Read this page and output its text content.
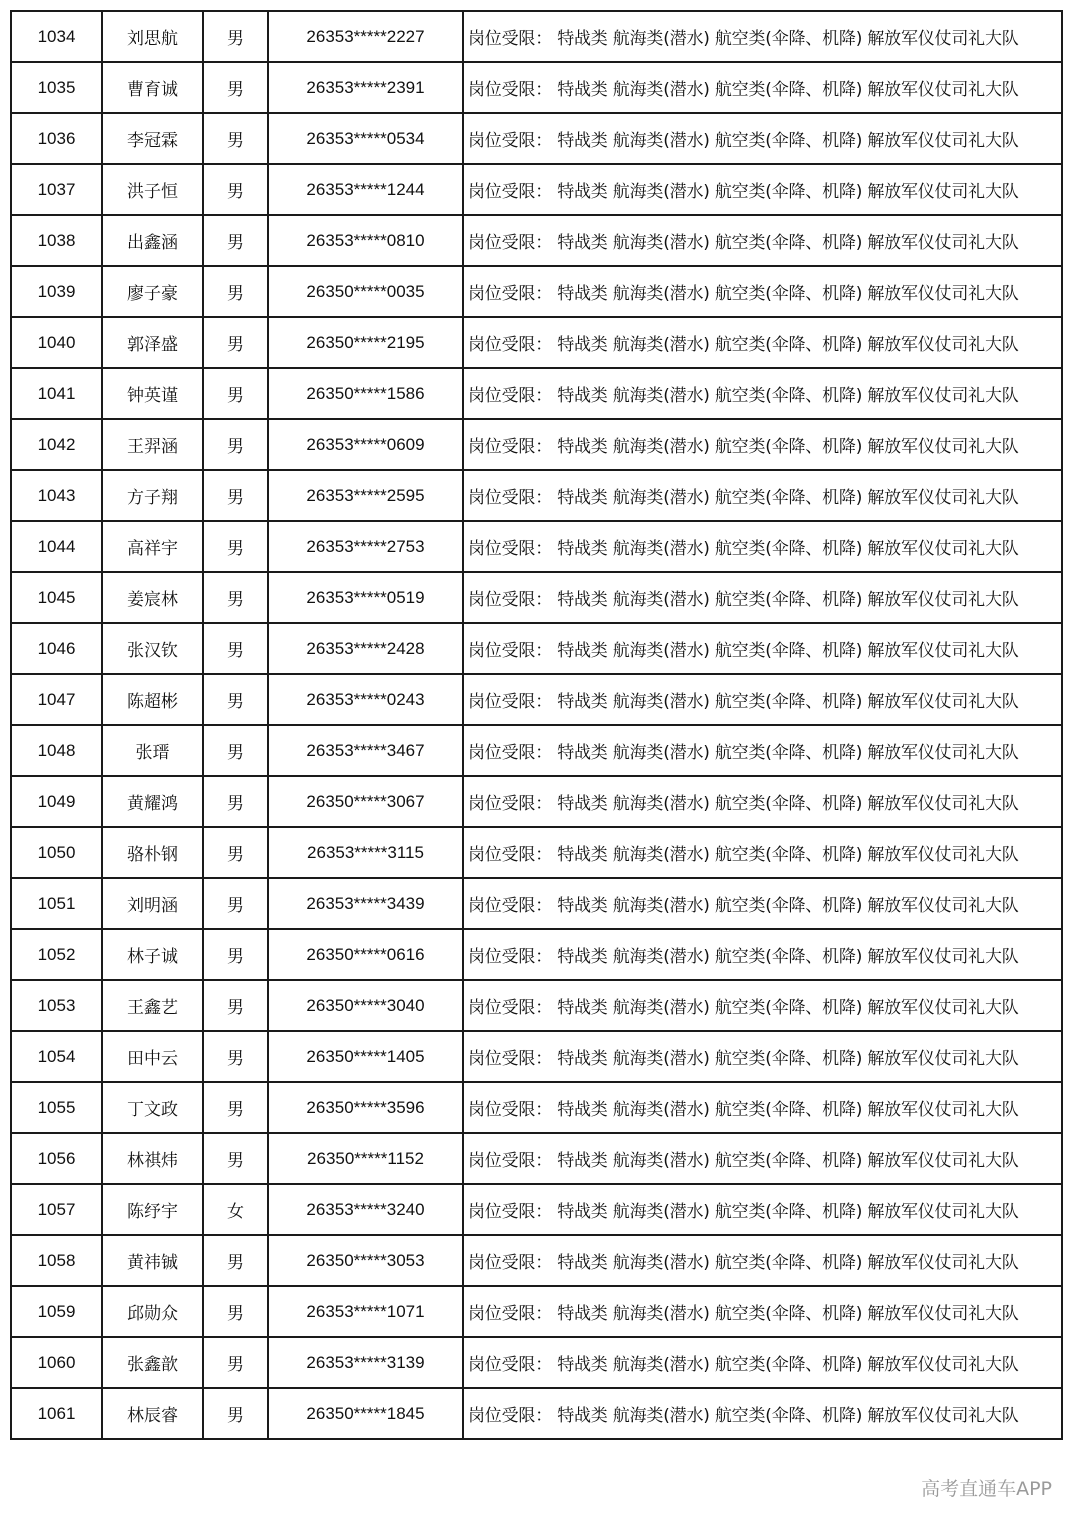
1034	刘思航	男	26353*****2227	岗位受限： 特战类 航海类(潜水) 航空类(伞降、机降) 解放军仪仗司礼大队
1035	曹育诚	男	26353*****2391	岗位受限： 特战类 航海类(潜水) 航空类(伞降、机降) 解放军仪仗司礼大队
1036	李冠霖	男	26353*****0534	岗位受限： 特战类 航海类(潜水) 航空类(伞降、机降) 解放军仪仗司礼大队
1037	洪子恒	男	26353*****1244	岗位受限： 特战类 航海类(潜水) 航空类(伞降、机降) 解放军仪仗司礼大队
1038	出鑫涵	男	26353*****0810	岗位受限： 特战类 航海类(潜水) 航空类(伞降、机降) 解放军仪仗司礼大队
1039	廖子豪	男	26350*****0035	岗位受限： 特战类 航海类(潜水) 航空类(伞降、机降) 解放军仪仗司礼大队
1040	郭泽盛	男	26350*****2195	岗位受限： 特战类 航海类(潜水) 航空类(伞降、机降) 解放军仪仗司礼大队
1041	钟英谨	男	26350*****1586	岗位受限： 特战类 航海类(潜水) 航空类(伞降、机降) 解放军仪仗司礼大队
1042	王羿涵	男	26353*****0609	岗位受限： 特战类 航海类(潜水) 航空类(伞降、机降) 解放军仪仗司礼大队
1043	方子翔	男	26353*****2595	岗位受限： 特战类 航海类(潜水) 航空类(伞降、机降) 解放军仪仗司礼大队
1044	高祥宇	男	26353*****2753	岗位受限： 特战类 航海类(潜水) 航空类(伞降、机降) 解放军仪仗司礼大队
1045	姜宸林	男	26353*****0519	岗位受限： 特战类 航海类(潜水) 航空类(伞降、机降) 解放军仪仗司礼大队
1046	张汉钦	男	26353*****2428	岗位受限： 特战类 航海类(潜水) 航空类(伞降、机降) 解放军仪仗司礼大队
1047	陈超彬	男	26353*****0243	岗位受限： 特战类 航海类(潜水) 航空类(伞降、机降) 解放军仪仗司礼大队
1048	张瑨	男	26353*****3467	岗位受限： 特战类 航海类(潜水) 航空类(伞降、机降) 解放军仪仗司礼大队
1049	黄耀鸿	男	26350*****3067	岗位受限： 特战类 航海类(潜水) 航空类(伞降、机降) 解放军仪仗司礼大队
1050	骆朴钢	男	26353*****3115	岗位受限： 特战类 航海类(潜水) 航空类(伞降、机降) 解放军仪仗司礼大队
1051	刘明涵	男	26353*****3439	岗位受限： 特战类 航海类(潜水) 航空类(伞降、机降) 解放军仪仗司礼大队
1052	林子诚	男	26350*****0616	岗位受限： 特战类 航海类(潜水) 航空类(伞降、机降) 解放军仪仗司礼大队
1053	王鑫艺	男	26350*****3040	岗位受限： 特战类 航海类(潜水) 航空类(伞降、机降) 解放军仪仗司礼大队
1054	田中云	男	26350*****1405	岗位受限： 特战类 航海类(潜水) 航空类(伞降、机降) 解放军仪仗司礼大队
1055	丁文政	男	26350*****3596	岗位受限： 特战类 航海类(潜水) 航空类(伞降、机降) 解放军仪仗司礼大队
1056	林祺炜	男	26350*****1152	岗位受限： 特战类 航海类(潜水) 航空类(伞降、机降) 解放军仪仗司礼大队
1057	陈纾宇	女	26353*****3240	岗位受限： 特战类 航海类(潜水) 航空类(伞降、机降) 解放军仪仗司礼大队
1058	黄祎铖	男	26350*****3053	岗位受限： 特战类 航海类(潜水) 航空类(伞降、机降) 解放军仪仗司礼大队
1059	邱勋众	男	26353*****1071	岗位受限： 特战类 航海类(潜水) 航空类(伞降、机降) 解放军仪仗司礼大队
1060	张鑫歆	男	26353*****3139	岗位受限： 特战类 航海类(潜水) 航空类(伞降、机降) 解放军仪仗司礼大队
1061	林辰睿	男	26350*****1845	岗位受限： 特战类 航海类(潜水) 航空类(伞降、机降) 解放军仪仗司礼大队
高考直通车APP
